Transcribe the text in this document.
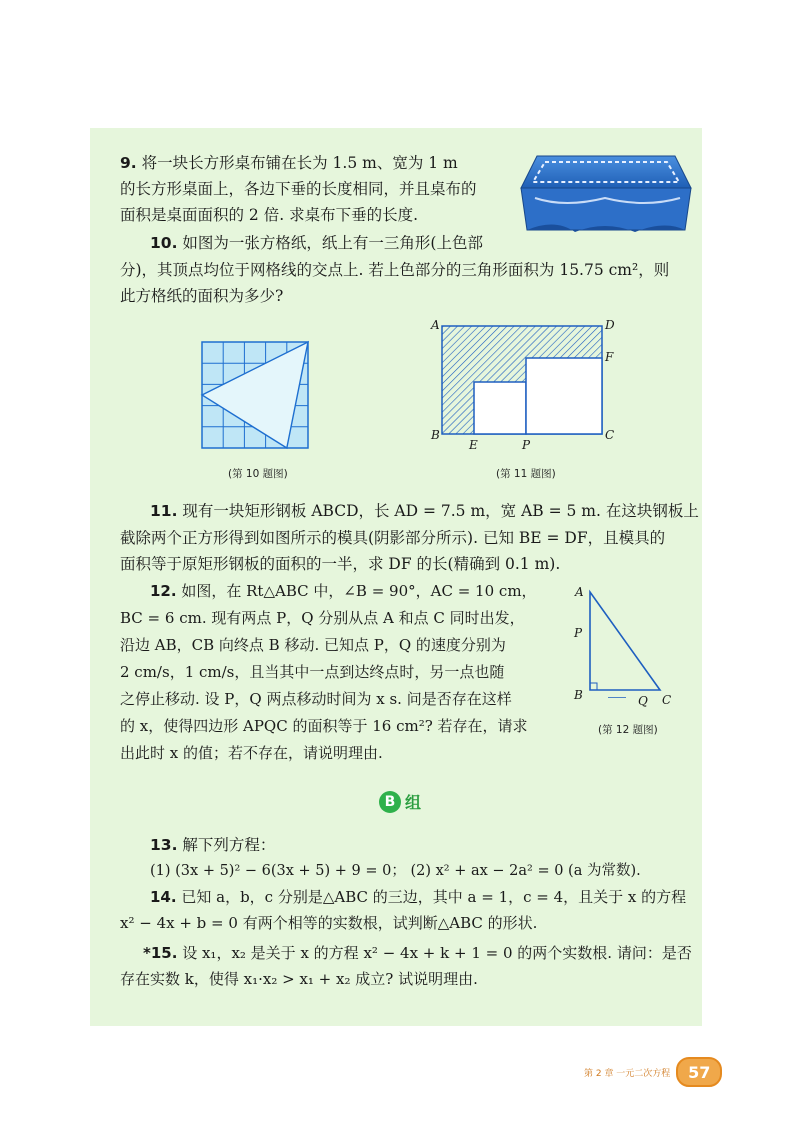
9. 将一块长方形桌布铺在长为 1.5 m、宽为 1 m

的长方形桌面上，各边下垂的长度相同，并且桌布的

面积是桌面面积的 2 倍. 求桌布下垂的长度.

10. 如图为一张方格纸，纸上有一三角形(上色部

分)，其顶点均位于网格线的交点上. 若上色部分的三角形面积为 15.75 cm²，则

此方格纸的面积为多少?

(第 10 题图)
A	D
F
B
E	P
C
(第 11 题图)

11. 现有一块矩形钢板 ABCD，长 AD = 7.5 m，宽 AB = 5 m. 在这块钢板上

截除两个正方形得到如图所示的模具(阴影部分所示). 已知 BE = DF，且模具的

面积等于原矩形钢板的面积的一半，求 DF 的长(精确到 0.1 m).

12. 如图，在 Rt△ABC 中，∠B = 90°，AC = 10 cm，

BC = 6 cm. 现有两点 P，Q 分别从点 A 和点 C 同时出发，

沿边 AB，CB 向终点 B 移动. 已知点 P，Q 的速度分别为

2 cm/s，1 cm/s，且当其中一点到达终点时，另一点也随

之停止移动. 设 P，Q 两点移动时间为 x s. 问是否存在这样

的 x，使得四边形 APQC 的面积等于 16 cm²? 若存在，请求

出此时 x 的值；若不存在，请说明理由.

A
P
B	Q C
(第 12 题图)
B 组

13. 解下列方程：

(1) (3x + 5)² − 6(3x + 5) + 9 = 0； (2) x² + ax − 2a² = 0 (a 为常数).

14. 已知 a，b，c 分别是△ABC 的三边，其中 a = 1，c = 4，且关于 x 的方程

x² − 4x + b = 0 有两个相等的实数根，试判断△ABC 的形状.

*15. 设 x₁，x₂ 是关于 x 的方程 x² − 4x + k + 1 = 0 的两个实数根. 请问：是否

存在实数 k，使得 x₁·x₂ > x₁ + x₂ 成立? 试说明理由.

第 2 章 一元二次方程	57
